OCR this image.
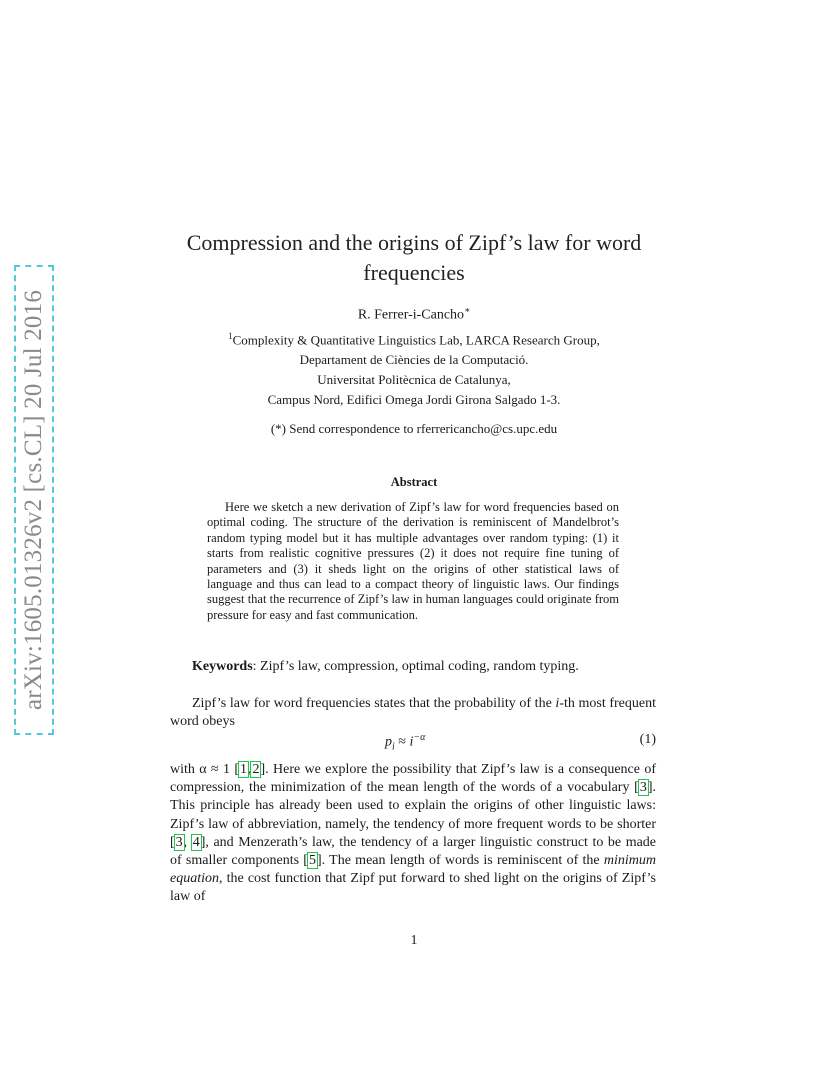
arXiv:1605.01326v2 [cs.CL] 20 Jul 2016
Compression and the origins of Zipf’s law for word
frequencies
R. Ferrer-i-Cancho∗
$^1$Complexity & Quantitative Linguistics Lab, LARCA Research Group,
Departament de Ciències de la Computació.
Universitat Politècnica de Catalunya,
Campus Nord, Edifici Omega Jordi Girona Salgado 1-3.
(*) Send correspondence to rferrericancho@cs.upc.edu
Abstract
Here we sketch a new derivation of Zipf’s law for word frequencies based on optimal coding. The structure of the derivation is reminiscent of Mandelbrot’s random typing model but it has multiple advantages over random typing: (1) it starts from realistic cognitive pressures (2) it does not require fine tuning of parameters and (3) it sheds light on the origins of other statistical laws of language and thus can lead to a compact theory of linguistic laws. Our findings suggest that the recurrence of Zipf’s law in human languages could originate from pressure for easy and fast communication.
Keywords: Zipf’s law, compression, optimal coding, random typing.
Zipf’s law for word frequencies states that the probability of the i-th most frequent word obeys
$p_i \approx i^{-\alpha}$	(1)
with α ≈ 1 [1,2]. Here we explore the possibility that Zipf’s law is a consequence of compression, the minimization of the mean length of the words of a vocabulary [3]. This principle has already been used to explain the origins of other linguistic laws: Zipf’s law of abbreviation, namely, the tendency of more frequent words to be shorter [3, 4], and Menzerath’s law, the tendency of a larger linguistic construct to be made of smaller components [5]. The mean length of words is reminiscent of the minimum equation, the cost function that Zipf put forward to shed light on the origins of Zipf’s law of
1
